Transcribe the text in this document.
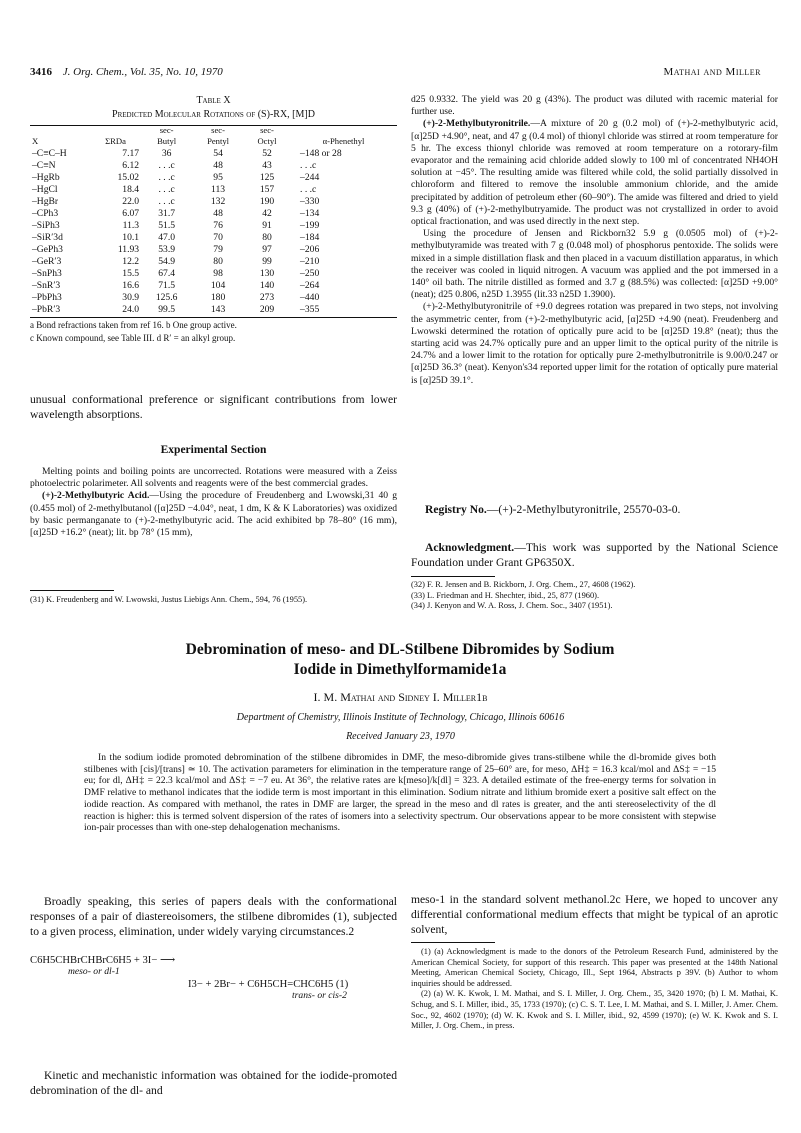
3416 J. Org. Chem., Vol. 35, No. 10, 1970	Mathai and Miller
Table X
Predicted Molecular Rotations of (S)-RX, [M]D
		sec-	sec-	sec-	
X	ΣRDa	Butyl	Pentyl	Octyl	α-Phenethyl
–C≡C–H	7.17	36	54	52	–148 or 28
–C≡N	6.12	. . .c	48	43	. . .c
–HgRb	15.02	. . .c	95	125	–244
–HgCl	18.4	. . .c	113	157	. . .c
–HgBr	22.0	. . .c	132	190	–330
–CPh3	6.07	31.7	48	42	–134
–SiPh3	11.3	51.5	76	91	–199
–SiR′3d	10.1	47.0	70	80	–184
–GePh3	11.93	53.9	79	97	–206
–GeR′3	12.2	54.9	80	99	–210
–SnPh3	15.5	67.4	98	130	–250
–SnR′3	16.6	71.5	104	140	–264
–PbPh3	30.9	125.6	180	273	–440
–PbR′3	24.0	99.5	143	209	–355
a Bond refractions taken from ref 16. b One group active.
c Known compound, see Table III. d R′ = an alkyl group.
unusual conformational preference or significant contributions from lower wavelength absorptions.

Experimental Section

Melting points and boiling points are uncorrected. Rotations were measured with a Zeiss photoelectric polarimeter. All solvents and reagents were of the best commercial grades.

(+)-2-Methylbutyric Acid.—Using the procedure of Freudenberg and Lwowski,31 40 g (0.455 mol) of 2-methylbutanol ([α]25D −4.04°, neat, 1 dm, K & K Laboratories) was oxidized by basic permanganate to (+)-2-methylbutyric acid. The acid exhibited bp 78–80° (16 mm), [α]25D +16.2° (neat); lit. bp 78° (15 mm),

(31) K. Freudenberg and W. Lwowski, Justus Liebigs Ann. Chem., 594, 76 (1955).

d25 0.9332. The yield was 20 g (43%). The product was diluted with racemic material for further use.

(+)-2-Methylbutyronitrile.—A mixture of 20 g (0.2 mol) of (+)-2-methylbutyric acid, [α]25D +4.90°, neat, and 47 g (0.4 mol) of thionyl chloride was stirred at room temperature for 5 hr. The excess thionyl chloride was removed at room temperature on a rotorary-film evaporator and the remaining acid chloride added slowly to 100 ml of concentrated NH4OH solution at −45°. The resulting amide was filtered while cold, the solid partially dissolved in chloroform and filtered to remove the insoluble ammonium chloride, and the amide precipitated by addition of petroleum ether (60–90°). The amide was filtered and dried to yield 9.3 g (40%) of (+)-2-methylbutryamide. The product was not crystallized in order to avoid optical fractionation, and was used directly in the next step.

Using the procedure of Jensen and Rickborn32 5.9 g (0.0505 mol) of (+)-2-methylbutyramide was treated with 7 g (0.048 mol) of phosphorus pentoxide. The solids were mixed in a simple distillation flask and then placed in a vacuum distillation apparatus, in which the receiver was cooled in liquid nitrogen. A vacuum was applied and the pot immersed in a 140° oil bath. The nitrile distilled as formed and 3.7 g (88.5%) was collected: [α]25D +9.00° (neat); d25 0.806, n25D 1.3955 (lit.33 n25D 1.3900).

(+)-2-Methylbutyronitrile of +9.0 degrees rotation was prepared in two steps, not involving the asymmetric center, from (+)-2-methylbutyric acid, [α]25D +4.90 (neat). Freudenberg and Lwowski determined the rotation of optically pure acid to be [α]25D 19.8° (neat); thus the starting acid was 24.7% optically pure and an upper limit to the optical purity of the nitrile is 24.7% and a lower limit to the rotation for optically pure 2-methylbutronitrile is 9.00/0.247 or [α]25D 36.3° (neat). Kenyon's34 reported upper limit for the rotation of optically pure material is [α]25D 39.1°.

Registry No.—(+)-2-Methylbutyronitrile, 25570-03-0.
Acknowledgment.—This work was supported by the National Science Foundation under Grant GP6350X.
(32) F. R. Jensen and B. Rickborn, J. Org. Chem., 27, 4608 (1962).
(33) L. Friedman and H. Shechter, ibid., 25, 877 (1960).
(34) J. Kenyon and W. A. Ross, J. Chem. Soc., 3407 (1951).
Debromination of meso- and DL-Stilbene Dibromides by Sodium
Iodide in Dimethylformamide1a
I. M. Mathai and Sidney I. Miller1b
Department of Chemistry, Illinois Institute of Technology, Chicago, Illinois 60616
Received January 23, 1970
In the sodium iodide promoted debromination of the stilbene dibromides in DMF, the meso-dibromide gives trans-stilbene while the dl-bromide gives both stilbenes with [cis]/[trans] ≃ 10. The activation parameters for elimination in the temperature range of 25–60° are, for meso, ΔH‡ = 16.3 kcal/mol and ΔS‡ = −15 eu; for dl, ΔH‡ = 22.3 kcal/mol and ΔS‡ = −7 eu. At 36°, the relative rates are k[meso]/k[dl] = 323. A detailed estimate of the free-energy terms for solvation in DMF relative to methanol indicates that the iodide term is most important in this elimination. Sodium nitrate and lithium bromide exert a positive salt effect on the iodide reaction. As compared with methanol, the rates in DMF are larger, the spread in the meso and dl rates is greater, and the anti stereoselectivity of the dl reaction is higher: this is termed solvent dispersion of the rates of isomers into a selectivity spectrum. Our observations appear to be more consistent with stepwise ion-pair processes than with one-step dehalogenation mechanisms.
Broadly speaking, this series of papers deals with the conformational responses of a pair of diastereoisomers, the stilbene dibromides (1), subjected to a given process, elimination, under widely varying circumstances.2
C6H5CHBrCHBrC6H5 + 3I− ⟶
meso- or dl-1
I3− + 2Br− + C6H5CH=CHC6H5 (1)
trans- or cis-2
Kinetic and mechanistic information was obtained for the iodide-promoted debromination of the dl- and
meso-1 in the standard solvent methanol.2c Here, we hoped to uncover any differential conformational medium effects that might be typical of an aprotic solvent,
(1) (a) Acknowledgment is made to the donors of the Petroleum Research Fund, administered by the American Chemical Society, for support of this research. This paper was presented at the 148th National Meeting, American Chemical Society, Chicago, Ill., Sept 1964, Abstracts p 39V. (b) Author to whom inquiries should be addressed.
(2) (a) W. K. Kwok, I. M. Mathai, and S. I. Miller, J. Org. Chem., 35, 3420 1970; (b) I. M. Mathai, K. Schug, and S. I. Miller, ibid., 35, 1733 (1970); (c) C. S. T. Lee, I. M. Mathai, and S. I. Miller, J. Amer. Chem. Soc., 92, 4602 (1970); (d) W. K. Kwok and S. I. Miller, ibid., 92, 4599 (1970); (e) W. K. Kwok and S. I. Miller, J. Org. Chem., in press.
